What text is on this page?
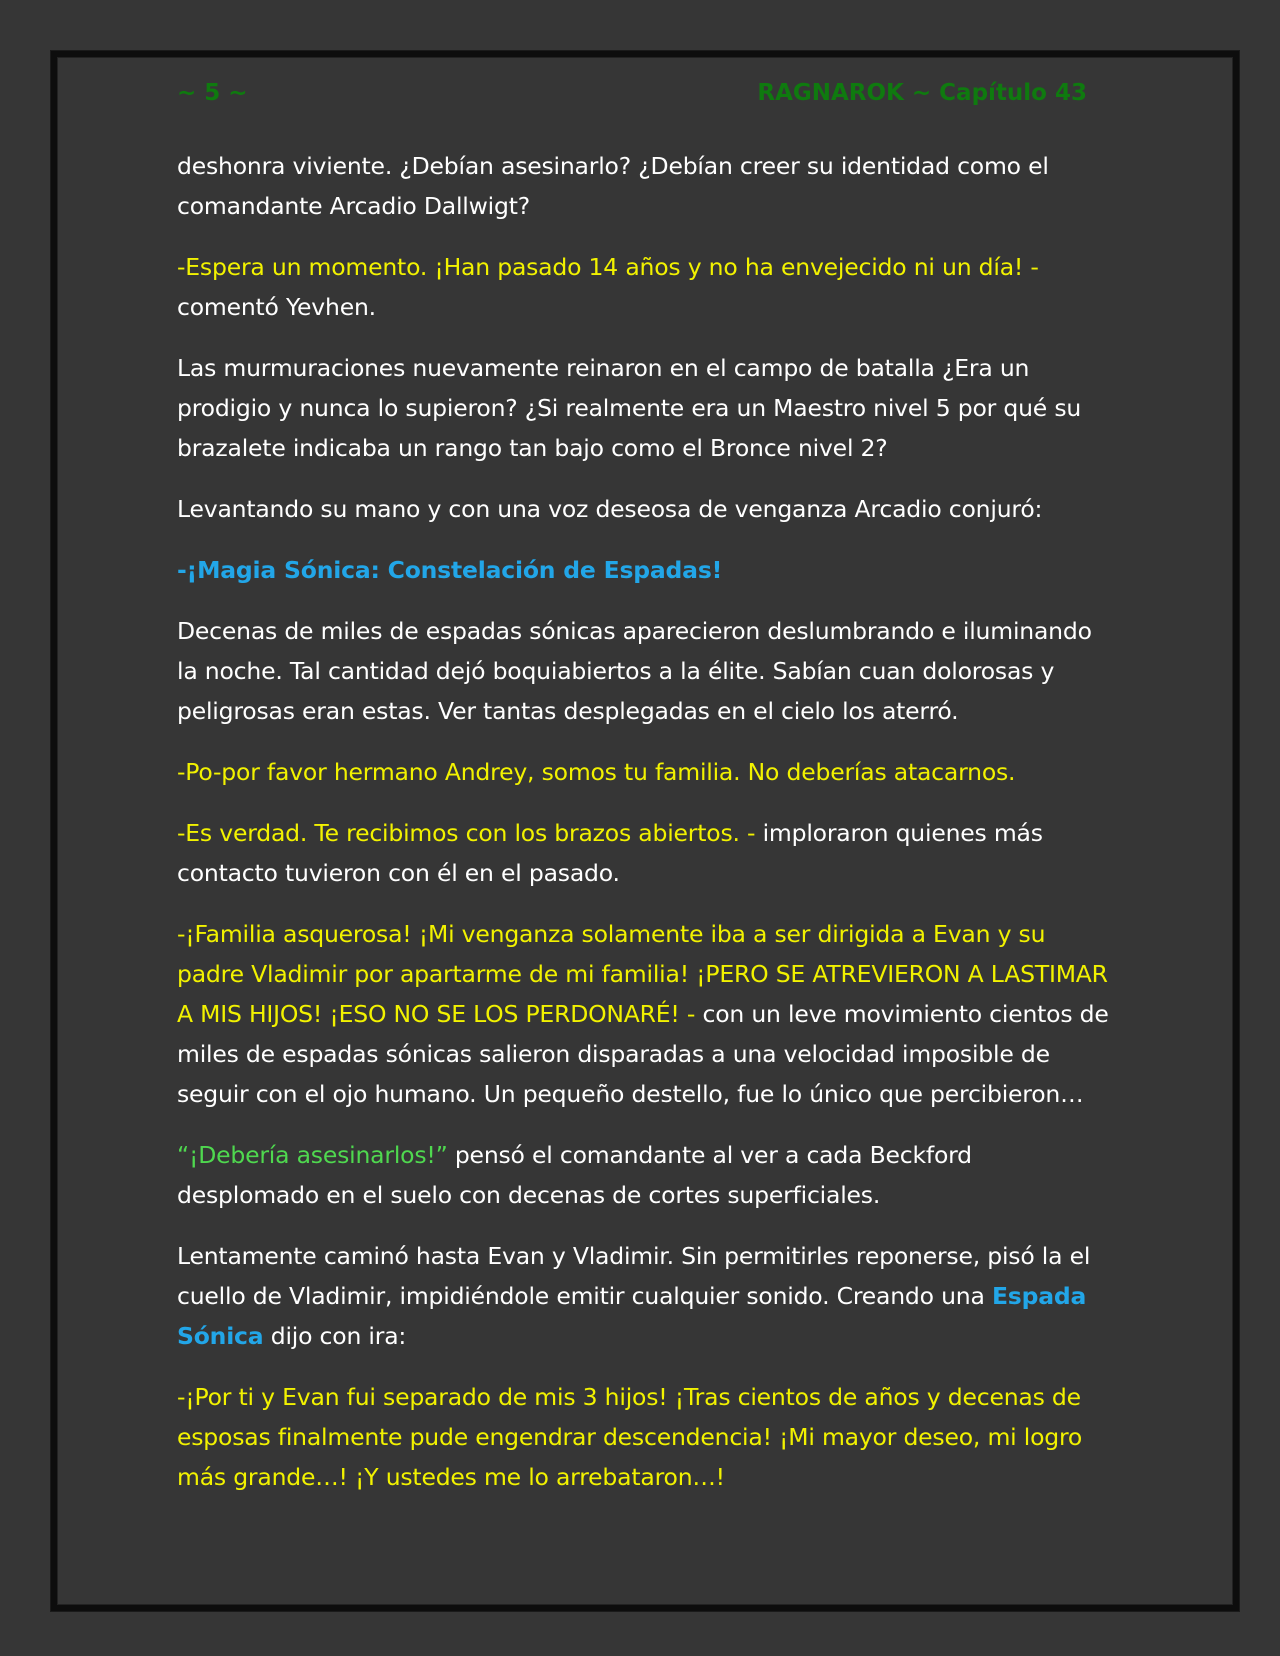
~ 5 ~	RAGNAROK ~ Capítulo 43

deshonra viviente. ¿Debían asesinarlo? ¿Debían creer su identidad como el comandante Arcadio Dallwigt?

-Espera un momento. ¡Han pasado 14 años y no ha envejecido ni un día! - comentó Yevhen.

Las murmuraciones nuevamente reinaron en el campo de batalla ¿Era un prodigio y nunca lo supieron? ¿Si realmente era un Maestro nivel 5 por qué su brazalete indicaba un rango tan bajo como el Bronce nivel 2?

Levantando su mano y con una voz deseosa de venganza Arcadio conjuró:

-¡Magia Sónica: Constelación de Espadas!

Decenas de miles de espadas sónicas aparecieron deslumbrando e iluminando la noche. Tal cantidad dejó boquiabiertos a la élite. Sabían cuan dolorosas y peligrosas eran estas. Ver tantas desplegadas en el cielo los aterró.

-Po-por favor hermano Andrey, somos tu familia. No deberías atacarnos.

-Es verdad. Te recibimos con los brazos abiertos. - imploraron quienes más contacto tuvieron con él en el pasado.

-¡Familia asquerosa! ¡Mi venganza solamente iba a ser dirigida a Evan y su padre Vladimir por apartarme de mi familia! ¡PERO SE ATREVIERON A LASTIMAR A MIS HIJOS! ¡ESO NO SE LOS PERDONARÉ! - con un leve movimiento cientos de miles de espadas sónicas salieron disparadas a una velocidad imposible de seguir con el ojo humano. Un pequeño destello, fue lo único que percibieron…

“¡Debería asesinarlos!” pensó el comandante al ver a cada Beckford desplomado en el suelo con decenas de cortes superficiales.

Lentamente caminó hasta Evan y Vladimir. Sin permitirles reponerse, pisó la el cuello de Vladimir, impidiéndole emitir cualquier sonido. Creando una Espada Sónica dijo con ira:

-¡Por ti y Evan fui separado de mis 3 hijos! ¡Tras cientos de años y decenas de esposas finalmente pude engendrar descendencia! ¡Mi mayor deseo, mi logro más grande…! ¡Y ustedes me lo arrebataron…!
